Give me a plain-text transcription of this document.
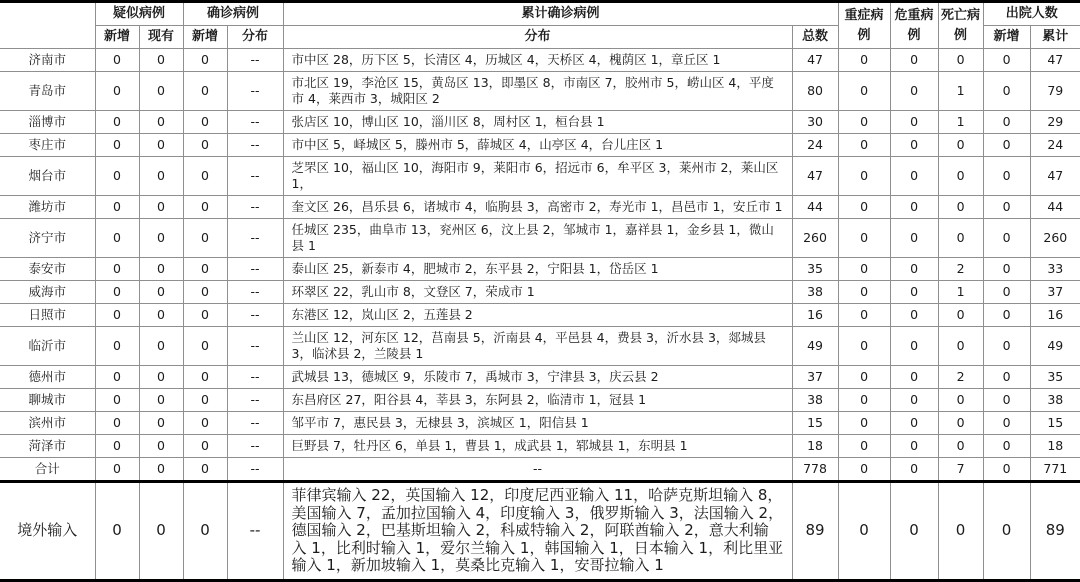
	疑似病例		确诊病例		累计确诊病例		重症病例	危重病例	死亡病例	出院人数	
	新增	现有	新增	分布	分布	总数				新增	累计
济南市	0	0	0	--	市中区 28，历下区 5，长清区 4，历城区 4，天桥区 4，槐荫区 1，章丘区 1	47	0	0	0	0	47
青岛市	0	0	0	--	市北区 19，李沧区 15，黄岛区 13，即墨区 8，市南区 7，胶州市 5，崂山区 4，平度市 4，莱西市 3，城阳区 2	80	0	0	1	0	79
淄博市	0	0	0	--	张店区 10，博山区 10，淄川区 8，周村区 1，桓台县 1	30	0	0	1	0	29
枣庄市	0	0	0	--	市中区 5，峄城区 5，滕州市 5，薛城区 4，山亭区 4，台儿庄区 1	24	0	0	0	0	24
烟台市	0	0	0	--	芝罘区 10，福山区 10，海阳市 9，莱阳市 6，招远市 6，牟平区 3，莱州市 2，莱山区 1，	47	0	0	0	0	47
潍坊市	0	0	0	--	奎文区 26，昌乐县 6，诸城市 4，临朐县 3，高密市 2，寿光市 1，昌邑市 1，安丘市 1	44	0	0	0	0	44
济宁市	0	0	0	--	任城区 235，曲阜市 13，兖州区 6，汶上县 2，邹城市 1，嘉祥县 1，金乡县 1，微山县 1	260	0	0	0	0	260
泰安市	0	0	0	--	泰山区 25，新泰市 4，肥城市 2，东平县 2，宁阳县 1，岱岳区 1	35	0	0	2	0	33
威海市	0	0	0	--	环翠区 22，乳山市 8，文登区 7，荣成市 1	38	0	0	1	0	37
日照市	0	0	0	--	东港区 12，岚山区 2，五莲县 2	16	0	0	0	0	16
临沂市	0	0	0	--	兰山区 12，河东区 12，莒南县 5，沂南县 4，平邑县 4，费县 3，沂水县 3，郯城县 3，临沭县 2，兰陵县 1	49	0	0	0	0	49
德州市	0	0	0	--	武城县 13，德城区 9，乐陵市 7，禹城市 3，宁津县 3，庆云县 2	37	0	0	2	0	35
聊城市	0	0	0	--	东昌府区 27，阳谷县 4，莘县 3，东阿县 2，临清市 1，冠县 1	38	0	0	0	0	38
滨州市	0	0	0	--	邹平市 7，惠民县 3，无棣县 3，滨城区 1，阳信县 1	15	0	0	0	0	15
菏泽市	0	0	0	--	巨野县 7，牡丹区 6，单县 1，曹县 1，成武县 1，郓城县 1，东明县 1	18	0	0	0	0	18
合计	0	0	0	--	--	778	0	0	7	0	771
境外输入	0	0	0	--	菲律宾输入 22，英国输入 12，印度尼西亚输入 11，哈萨克斯坦输入 8，美国输入 7，孟加拉国输入 4，印度输入 3，俄罗斯输入 3，法国输入 2，德国输入 2，巴基斯坦输入 2，科威特输入 2，阿联酋输入 2，意大利输入 1，比利时输入 1，爱尔兰输入 1，韩国输入 1，日本输入 1，利比里亚输入 1，新加坡输入 1，莫桑比克输入 1，安哥拉输入 1	89	0	0	0	0	89
